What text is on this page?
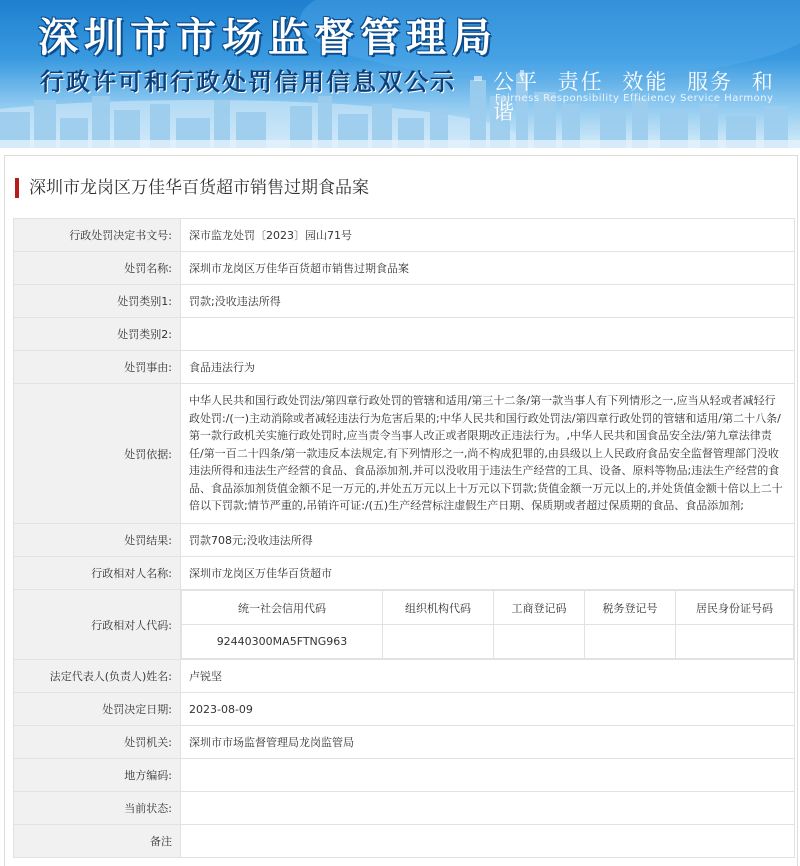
深圳市市场监督管理局
行政许可和行政处罚信用信息双公示 公平 责任 效能 服务 和谐
Fairness Responsibility Efficiency Service Harmony
深圳市龙岗区万佳华百货超市销售过期食品案
行政处罚决定书文号:	深市监龙处罚〔2023〕园山71号
处罚名称:	深圳市龙岗区万佳华百货超市销售过期食品案
处罚类别1:	罚款;没收违法所得
处罚类别2:	
处罚事由:	食品违法行为
处罚依据:	中华人民共和国行政处罚法/第四章行政处罚的管辖和适用/第三十二条/第一款当事人有下列情形之一,应当从轻或者减轻行政处罚:/(一)主动消除或者减轻违法行为危害后果的;中华人民共和国行政处罚法/第四章行政处罚的管辖和适用/第二十八条/第一款行政机关实施行政处罚时,应当责令当事人改正或者限期改正违法行为。,中华人民共和国食品安全法/第九章法律责任/第一百二十四条/第一款违反本法规定,有下列情形之一,尚不构成犯罪的,由县级以上人民政府食品安全监督管理部门没收违法所得和违法生产经营的食品、食品添加剂,并可以没收用于违法生产经营的工具、设备、原料等物品;违法生产经营的食品、食品添加剂货值金额不足一万元的,并处五万元以上十万元以下罚款;货值金额一万元以上的,并处货值金额十倍以上二十倍以下罚款;情节严重的,吊销许可证:/(五)生产经营标注虚假生产日期、保质期或者超过保质期的食品、食品添加剂;
处罚结果:	罚款708元;没收违法所得
行政相对人名称:	深圳市龙岗区万佳华百货超市
行政相对人代码:	
统一社会信用代码	组织机构代码	工商登记码	税务登记号	居民身份证号码
92440300MA5FTNG963				

法定代表人(负责人)姓名:	卢锐坚
处罚决定日期:	2023-08-09
处罚机关:	深圳市市场监督管理局龙岗监管局
地方编码:	
当前状态:	
备注	
